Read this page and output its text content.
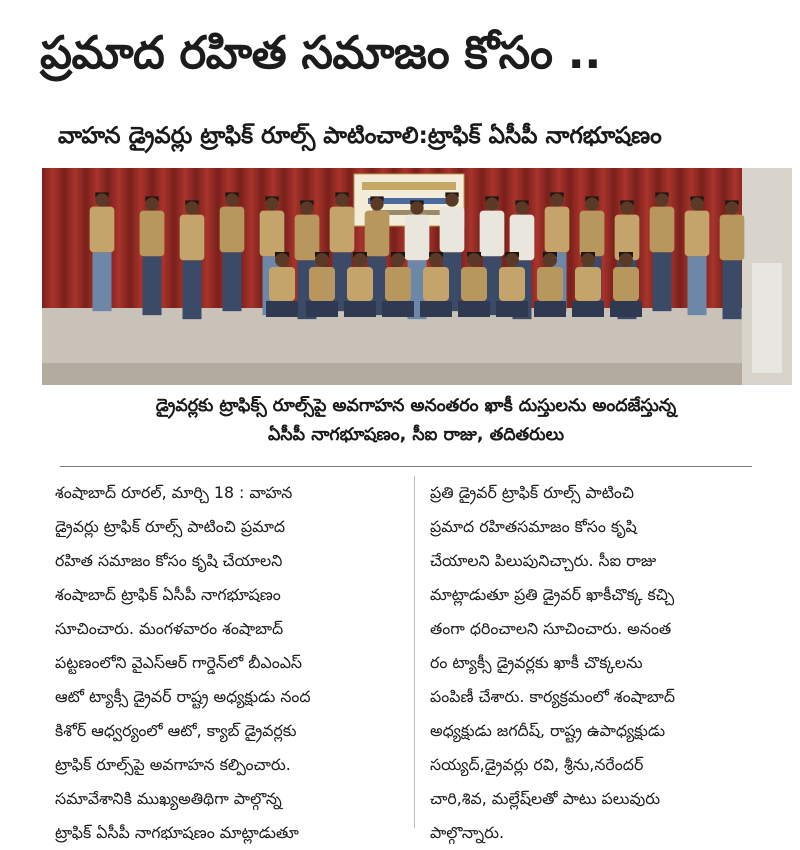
ప్రమాద రహిత సమాజం కోసం ..
వాహన డ్రైవర్లు ట్రాఫిక్ రూల్స్ పాటించాలి:ట్రాఫిక్ ఏసీపీ నాగభూషణం
డ్రైవర్లకు ట్రాఫిక్స్ రూల్స్‌పై అవగాహన అనంతరం ఖాకీ దుస్తులను అందజేస్తున్న
ఏసీపీ నాగభూషణం, సీఐ రాజు, తదితరులు
శంషాబాద్ రూరల్, మార్చి 18 : వాహన
డ్రైవర్లు ట్రాఫిక్ రూల్స్ పాటించి ప్రమాద
రహిత సమాజం కోసం కృషి చేయాలని
శంషాబాద్ ట్రాఫిక్ ఏసీపీ నాగభూషణం
సూచించారు. మంగళవారం శంషాబాద్
పట్టణంలోని వైఎస్ఆర్ గార్డెన్‌లో బీఎంఎస్
ఆటో ట్యాక్సీ డ్రైవర్ రాష్ట్ర అధ్యక్షుడు నంద
కిశోర్ ఆధ్వర్యంలో ఆటో, క్యాబ్ డ్రైవర్లకు
ట్రాఫిక్ రూల్స్‌పై అవగాహన కల్పించారు.
సమావేశానికి ముఖ్యఅతిథిగా పాల్గొన్న
ట్రాఫిక్ ఏసీపీ నాగభూషణం మాట్లాడుతూ
ప్రతి డ్రైవర్ ట్రాఫిక్ రూల్స్ పాటించి
ప్రమాద రహితసమాజం కోసం కృషి
చేయాలని పిలుపునిచ్చారు. సీఐ రాజు
మాట్లాడుతూ ప్రతి డ్రైవర్ ఖాకీచొక్క కచ్చి
తంగా ధరించాలని సూచించారు. అనంత
రం ట్యాక్సీ డ్రైవర్లకు ఖాకీ చొక్కలను
పంపిణీ చేశారు. కార్యక్రమంలో శంషాబాద్
అధ్యక్షుడు జగదీష్, రాష్ట్ర ఉపాధ్యక్షుడు
సయ్యద్,డ్రైవర్లు రవి, శ్రీను,నరేందర్
చారి,శివ, మల్లేష్‌లతో పాటు పలువురు
పాల్గొన్నారు.
